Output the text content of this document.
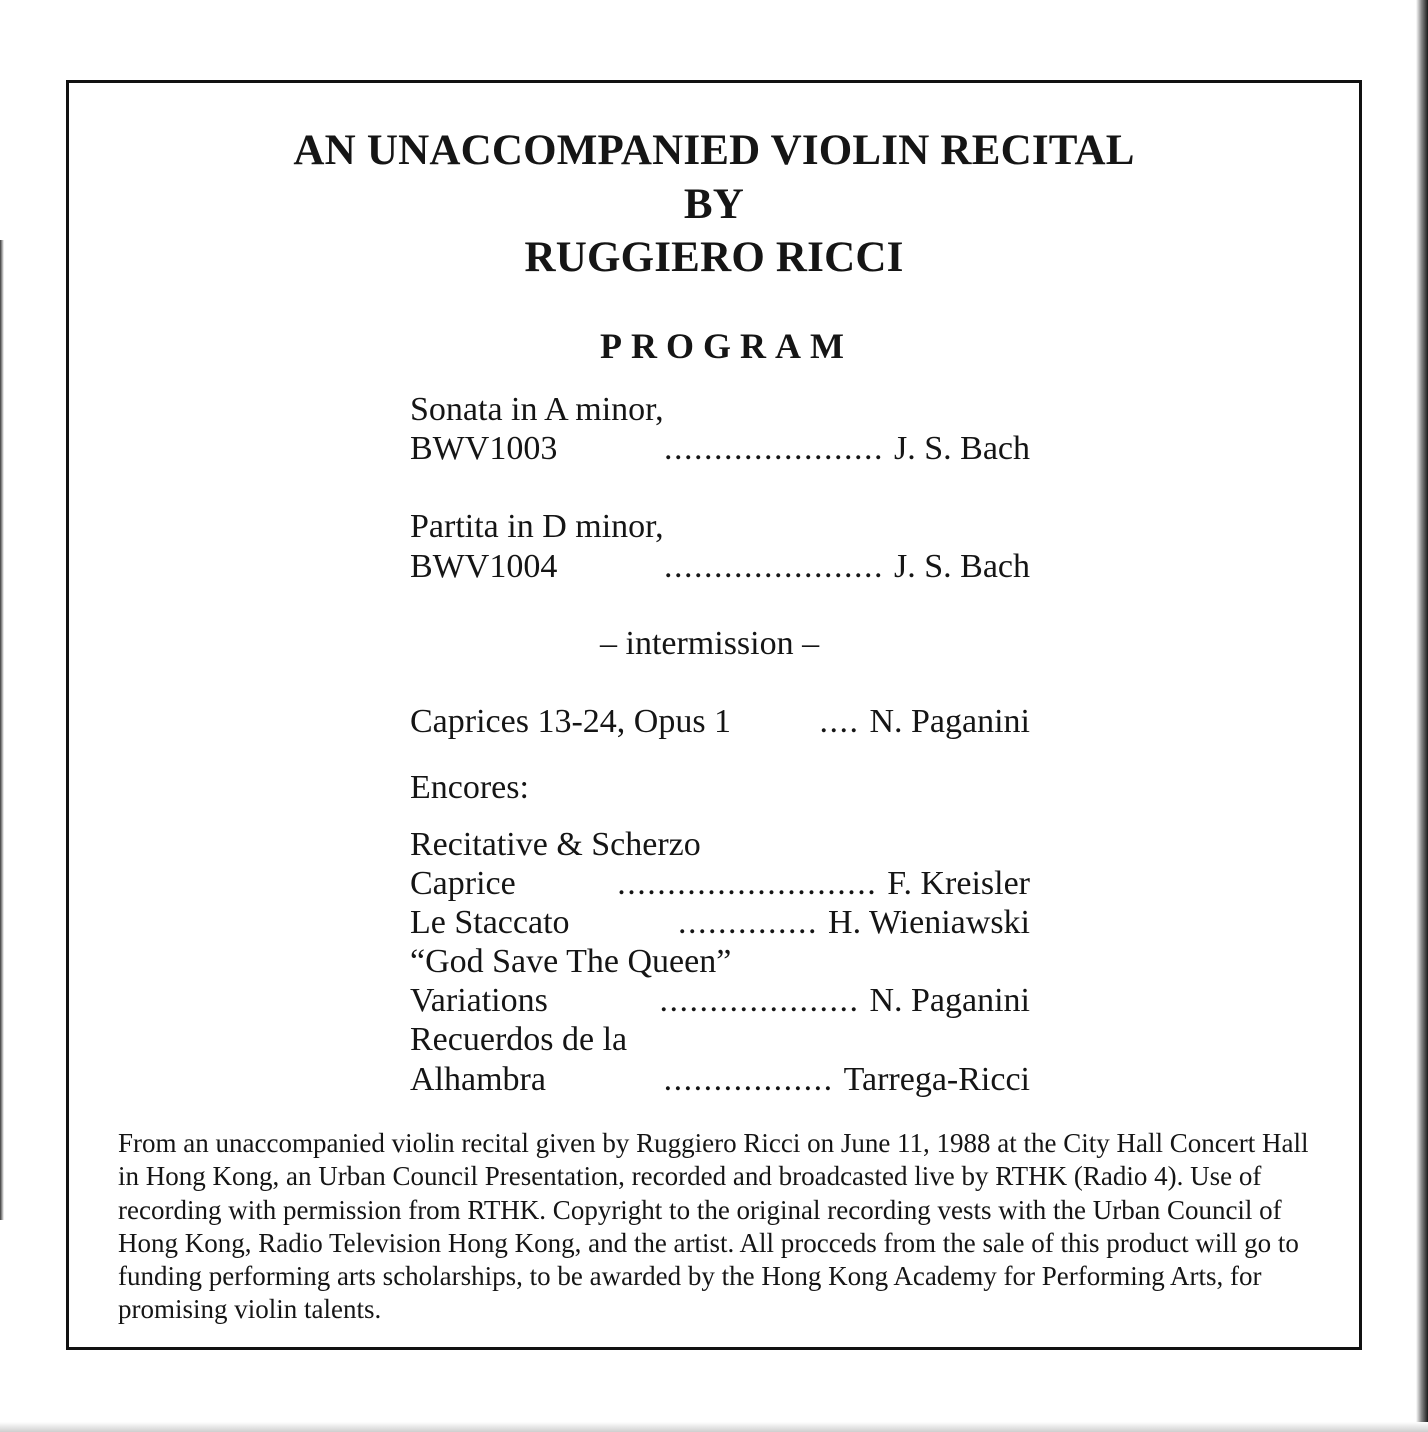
AN UNACCOMPANIED VIOLIN RECITAL
BY
RUGGIERO RICCI
PROGRAM
Sonata in A minor,
BWV1003	...................... J. S. Bach
Partita in D minor,
BWV1004	...................... J. S. Bach
– intermission –
Caprices 13-24, Opus 1	.... N. Paganini
Encores:
Recitative & Scherzo
Caprice	.......................... F. Kreisler
Le Staccato	.............. H. Wieniawski
“God Save The Queen”
Variations	.................... N. Paganini
Recuerdos de la
Alhambra	................. Tarrega-Ricci

From an unaccompanied violin recital given by Ruggiero Ricci on June 11, 1988 at the City Hall Concert Hall in Hong Kong, an Urban Council Presentation, recorded and broadcasted live by RTHK (Radio 4). Use of recording with permission from RTHK. Copyright to the original recording vests with the Urban Council of Hong Kong, Radio Television Hong Kong, and the artist. All procceds from the sale of this product will go to funding performing arts scholarships, to be awarded by the Hong Kong Academy for Performing Arts, for promising violin talents.
